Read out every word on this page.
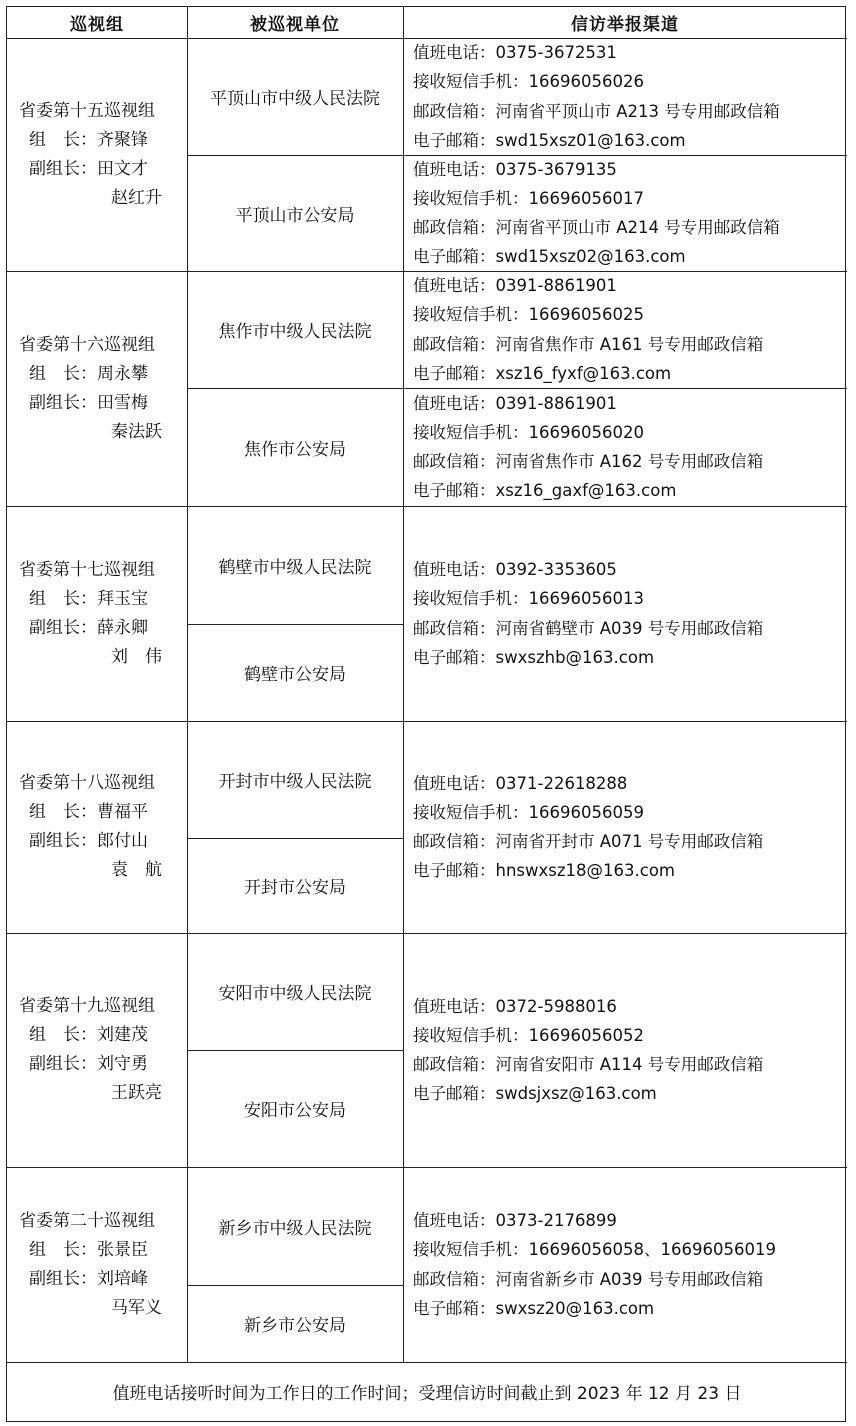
巡视组	被巡视单位	信访举报渠道
省委第十五巡视组
组　长：齐聚锋
副组长：田文才
赵红升
平顶山市中级人民法院
平顶山市公安局
值班电话：0375-3672531
接收短信手机：16696056026
邮政信箱：河南省平顶山市 A213 号专用邮政信箱
电子邮箱：swd15xsz01@163.com
值班电话：0375-3679135
接收短信手机：16696056017
邮政信箱：河南省平顶山市 A214 号专用邮政信箱
电子邮箱：swd15xsz02@163.com
省委第十六巡视组
组　长：周永攀
副组长：田雪梅
秦法跃
焦作市中级人民法院
焦作市公安局
值班电话：0391-8861901
接收短信手机：16696056025
邮政信箱：河南省焦作市 A161 号专用邮政信箱
电子邮箱：xsz16_fyxf@163.com
值班电话：0391-8861901
接收短信手机：16696056020
邮政信箱：河南省焦作市 A162 号专用邮政信箱
电子邮箱：xsz16_gaxf@163.com
省委第十七巡视组
组　长：拜玉宝
副组长：薛永卿
刘　伟
鹤壁市中级人民法院
鹤壁市公安局
值班电话：0392-3353605
接收短信手机：16696056013
邮政信箱：河南省鹤壁市 A039 号专用邮政信箱
电子邮箱：swxszhb@163.com
省委第十八巡视组
组　长：曹福平
副组长：郎付山
袁　航
开封市中级人民法院
开封市公安局
值班电话：0371-22618288
接收短信手机：16696056059
邮政信箱：河南省开封市 A071 号专用邮政信箱
电子邮箱：hnswxsz18@163.com
省委第十九巡视组
组　长：刘建茂
副组长：刘守勇
王跃亮
安阳市中级人民法院
安阳市公安局
值班电话：0372-5988016
接收短信手机：16696056052
邮政信箱：河南省安阳市 A114 号专用邮政信箱
电子邮箱：swdsjxsz@163.com
省委第二十巡视组
组　长：张景臣
副组长：刘培峰
马军义
新乡市中级人民法院
新乡市公安局
值班电话：0373-2176899
接收短信手机：16696056058、16696056019
邮政信箱：河南省新乡市 A039 号专用邮政信箱
电子邮箱：swxsz20@163.com
值班电话接听时间为工作日的工作时间；受理信访时间截止到 2023 年 12 月 23 日
